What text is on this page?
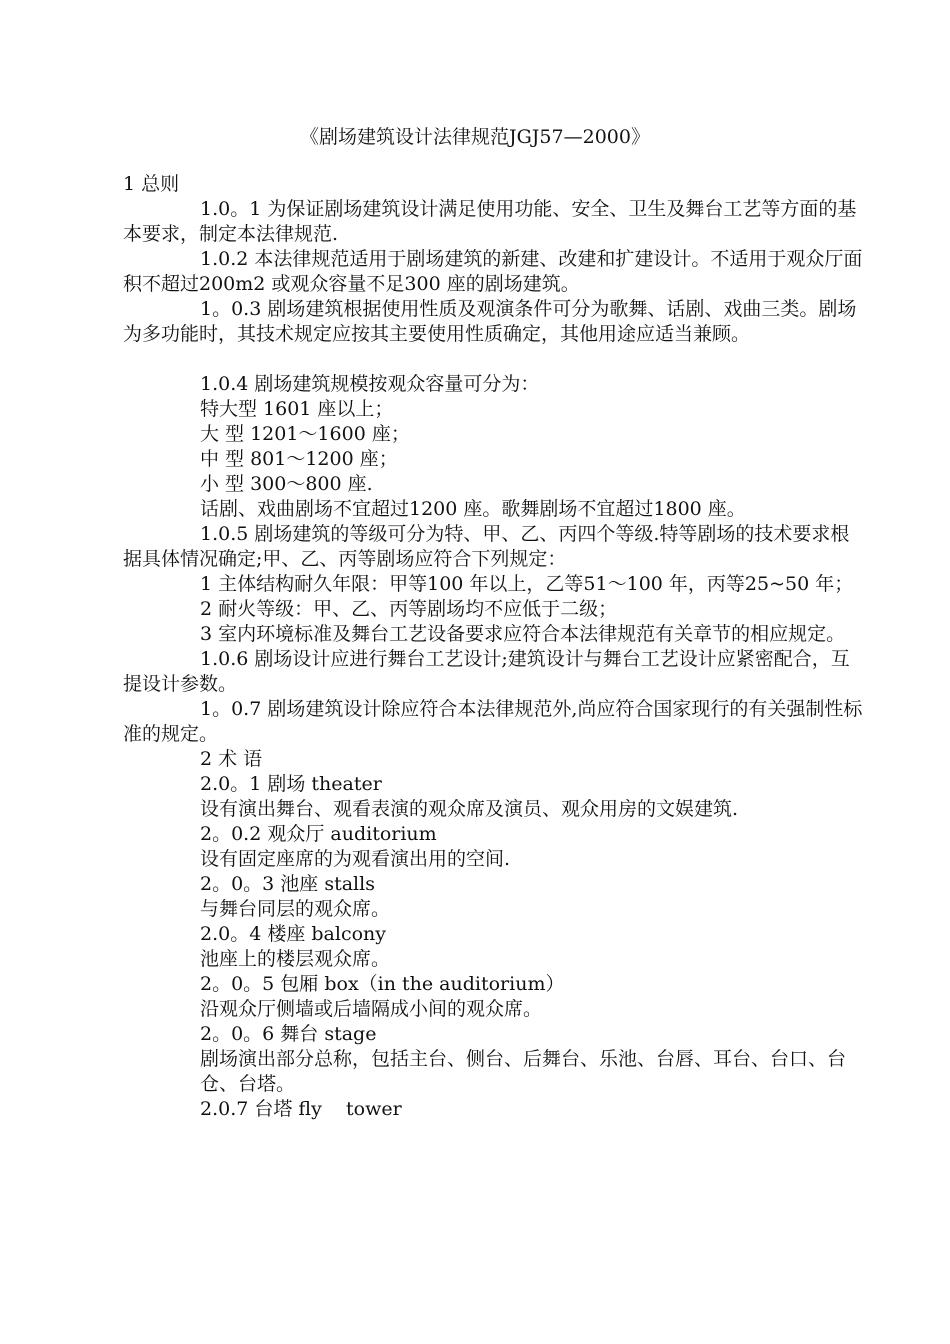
《剧场建筑设计法律规范JGJ57—2000》

1 总则

1.0。1 为保证剧场建筑设计满足使用功能、安全、卫生及舞台工艺等方面的基本要求，制定本法律规范.

1.0.2 本法律规范适用于剧场建筑的新建、改建和扩建设计。不适用于观众厅面积不超过200m2 或观众容量不足300 座的剧场建筑。

1。0.3 剧场建筑根据使用性质及观演条件可分为歌舞、话剧、戏曲三类。剧场为多功能时，其技术规定应按其主要使用性质确定，其他用途应适当兼顾。

1.0.4 剧场建筑规模按观众容量可分为：

特大型 1601 座以上；

大 型 1201～1600 座；

中 型 801～1200 座；

小 型 300～800 座.

话剧、戏曲剧场不宜超过1200 座。歌舞剧场不宜超过1800 座。

1.0.5 剧场建筑的等级可分为特、甲、乙、丙四个等级.特等剧场的技术要求根据具体情况确定;甲、乙、丙等剧场应符合下列规定：

1 主体结构耐久年限：甲等100 年以上，乙等51～100 年，丙等25~50 年；

2 耐火等级：甲、乙、丙等剧场均不应低于二级；

3 室内环境标准及舞台工艺设备要求应符合本法律规范有关章节的相应规定。

1.0.6 剧场设计应进行舞台工艺设计;建筑设计与舞台工艺设计应紧密配合，互提设计参数。

1。0.7 剧场建筑设计除应符合本法律规范外,尚应符合国家现行的有关强制性标准的规定。

2 术 语

2.0。1 剧场 theater

设有演出舞台、观看表演的观众席及演员、观众用房的文娱建筑.

2。0.2 观众厅 auditorium

设有固定座席的为观看演出用的空间.

2。0。3 池座 stalls

与舞台同层的观众席。

2.0。4 楼座 balcony

池座上的楼层观众席。

2。0。5 包厢 box（in the auditorium）

沿观众厅侧墙或后墙隔成小间的观众席。

2。0。6 舞台 stage

剧场演出部分总称，包括主台、侧台、后舞台、乐池、台唇、耳台、台口、台

仓、台塔。

2.0.7 台塔 fly    tower
